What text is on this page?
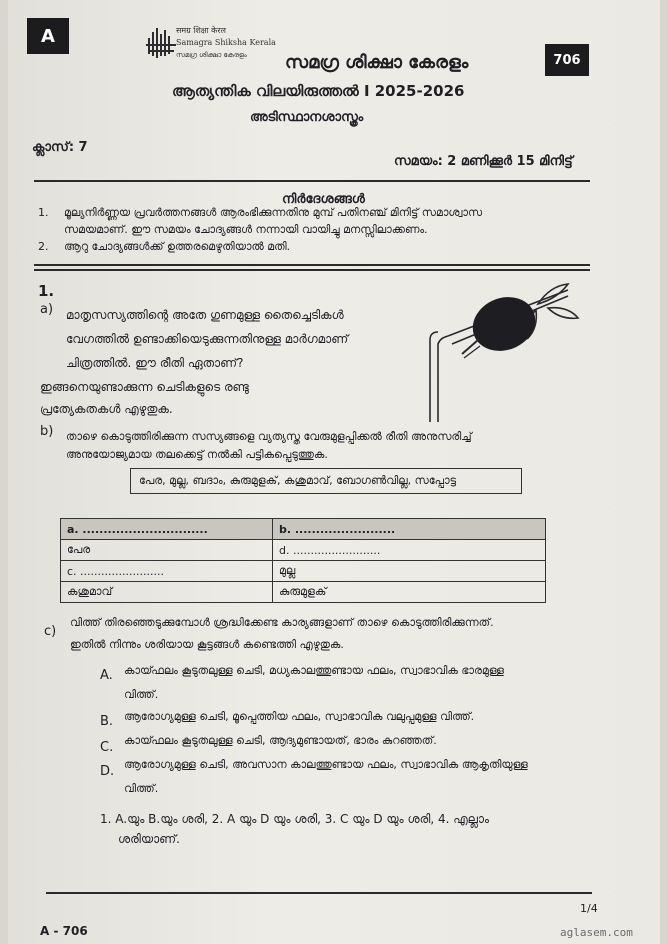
A	समग्र शिक्षा केरल
Samagra Shiksha Kerala
സമഗ്ര ശിക്ഷാ കേരളം സമഗ്ര ശിക്ഷാ കേരളം	706
ആത്യന്തിക വിലയിരുത്തൽ I 2025-2026
അടിസ്ഥാനശാസ്ത്രം
ക്ലാസ്: 7
സമയം: 2 മണിക്കൂർ 15 മിനിട്ട്
നിർദേശങ്ങൾ
1. മൂല്യനിർണ്ണയ പ്രവർത്തനങ്ങൾ ആരംഭിക്കുന്നതിനു മുമ്പ് പതിനഞ്ച് മിനിട്ട് സമാശ്വാസ
സമയമാണ്. ഈ സമയം ചോദ്യങ്ങൾ നന്നായി വായിച്ചു മനസ്സിലാക്കണം.
2. ആറു ചോദ്യങ്ങൾക്ക് ഉത്തരമെഴുതിയാൽ മതി.
1.
a) മാതൃസസ്യത്തിന്റെ അതേ ഗുണമുള്ള തൈച്ചെടികൾ
വേഗത്തിൽ ഉണ്ടാക്കിയെടുക്കുന്നതിനുള്ള മാർഗമാണ്
ചിത്രത്തിൽ. ഈ രീതി ഏതാണ്?
ഇങ്ങനെയുണ്ടാക്കുന്ന ചെടികളുടെ രണ്ടു
പ്രത്യേകതകൾ എഴുതുക.
b) താഴെ കൊടുത്തിരിക്കുന്ന സസ്യങ്ങളെ വ്യത്യസ്ത വേരുമുളപ്പിക്കൽ രീതി അനുസരിച്ച്
അനുയോജ്യമായ തലക്കെട്ട് നൽകി പട്ടികപ്പെടുത്തുക.
പേര, മുല്ല, ബദാം, കുരുമുളക്, കശുമാവ്, ബോഗൺവില്ല, സപ്പോട്ട
a. ..............................	b. ........................
പേര	d. .........................
c. ........................	മുല്ല
കശുമാവ്	കുരുമുളക്
c)
വിത്ത് തിരഞ്ഞെടുക്കുമ്പോൾ ശ്രദ്ധിക്കേണ്ട കാര്യങ്ങളാണ് താഴെ കൊടുത്തിരിക്കുന്നത്.
ഇതിൽ നിന്നും ശരിയായ കൂട്ടങ്ങൾ കണ്ടെത്തി എഴുതുക.
A. കായ്ഫലം കൂടുതലുള്ള ചെടി, മധ്യകാലത്തുണ്ടായ ഫലം, സ്വാഭാവിക ഭാരമുള്ള
വിത്ത്.
B. ആരോഗ്യമുള്ള ചെടി, മൂപ്പെത്തിയ ഫലം, സ്വാഭാവിക വലുപ്പമുള്ള വിത്ത്.
C. കായ്ഫലം കൂടുതലുള്ള ചെടി, ആദ്യമുണ്ടായത്, ഭാരം കുറഞ്ഞത്.
D. ആരോഗ്യമുള്ള ചെടി, അവസാന കാലത്തുണ്ടായ ഫലം, സ്വാഭാവിക ആകൃതിയുള്ള
വിത്ത്.
1. A.യും B.യും ശരി, 2. A യും D യും ശരി, 3. C യും D യും ശരി, 4. എല്ലാം
ശരിയാണ്.
1/4
A - 706	aglasem.com
